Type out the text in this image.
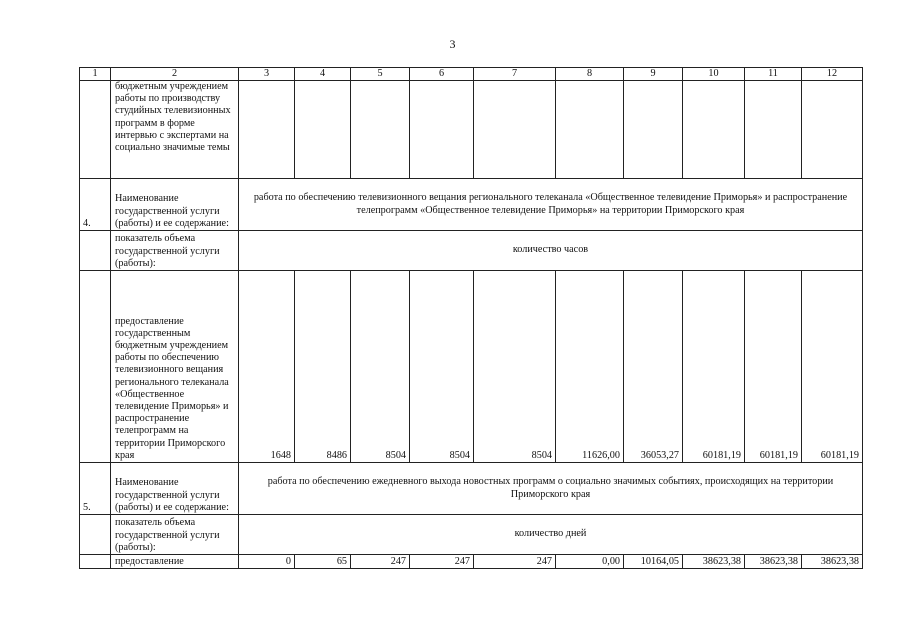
3
1	2	3	4	5	6	7	8	9	10	11	12
	бюджетным учреждением работы по производству студийных телевизионных программ в форме интервью с экспертами на социально значимые темы										
4.	Наименование государственной услуги (работы) и ее содержание:	работа по обеспечению телевизионного вещания регионального телеканала «Общественное телевидение Приморья» и распространение телепрограмм «Общественное телевидение Приморья» на территории Приморского края									
	показатель объема государственной услуги (работы):	количество часов									
	предоставление государственным бюджетным учреждением работы по обеспечению телевизионного вещания регионального телеканала «Общественное телевидение Приморья» и распространение телепрограмм на территории Приморского края	1648	8486	8504	8504	8504	11626,00	36053,27	60181,19	60181,19	60181,19
5.	Наименование государственной услуги (работы) и ее содержание:	работа по обеспечению ежедневного выхода новостных программ о социально значимых событиях, происходящих на территории Приморского края									
	показатель объема государственной услуги (работы):	количество дней									
	предоставление	0	65	247	247	247	0,00	10164,05	38623,38	38623,38	38623,38
